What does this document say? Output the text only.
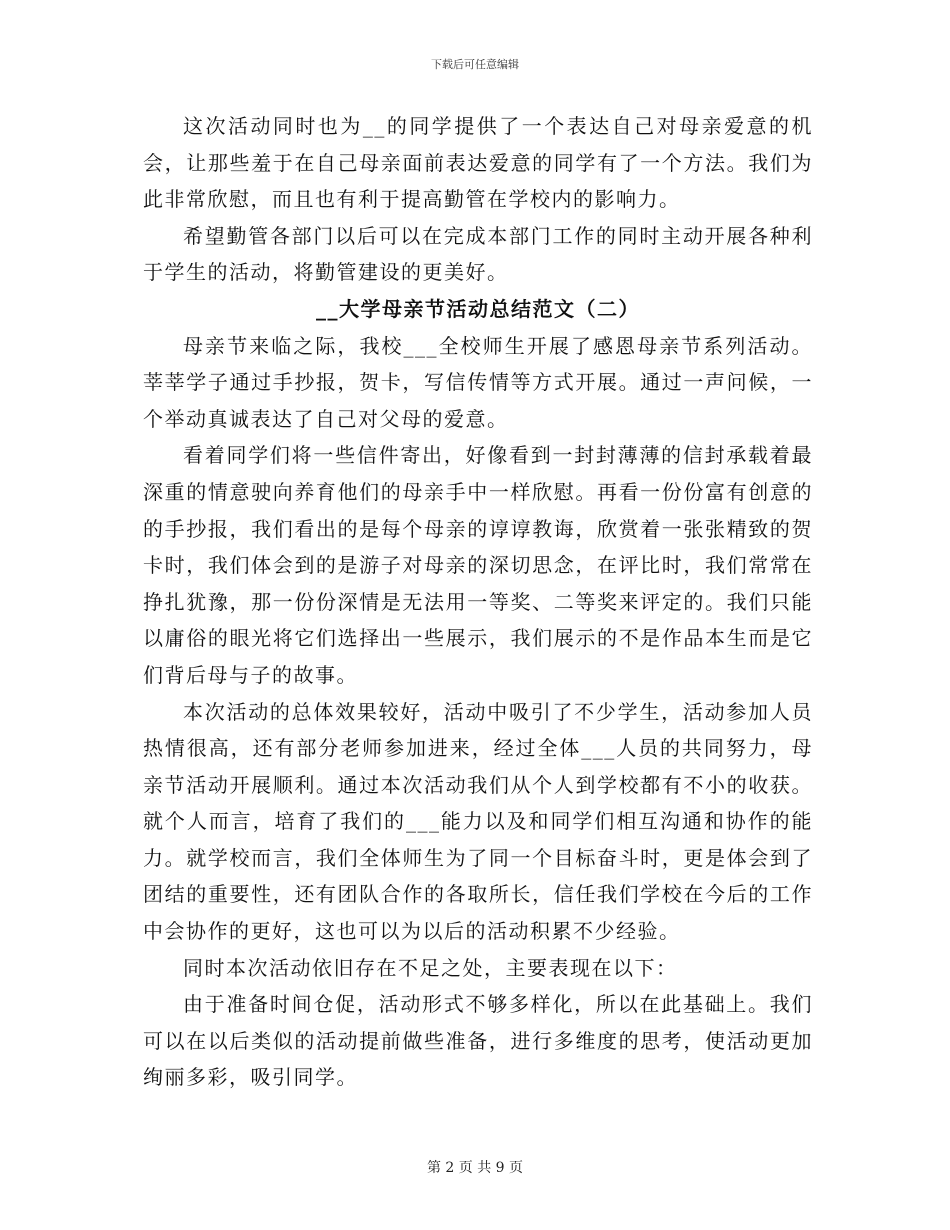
下载后可任意编辑

这次活动同时也为__的同学提供了一个表达自己对母亲爱意的机会，让那些羞于在自己母亲面前表达爱意的同学有了一个方法。我们为此非常欣慰，而且也有利于提高勤管在学校内的影响力。

希望勤管各部门以后可以在完成本部门工作的同时主动开展各种利于学生的活动，将勤管建设的更美好。

__大学母亲节活动总结范文（二）

母亲节来临之际，我校___全校师生开展了感恩母亲节系列活动。莘莘学子通过手抄报，贺卡，写信传情等方式开展。通过一声问候，一个举动真诚表达了自己对父母的爱意。

看着同学们将一些信件寄出，好像看到一封封薄薄的信封承载着最深重的情意驶向养育他们的母亲手中一样欣慰。再看一份份富有创意的的手抄报，我们看出的是每个母亲的谆谆教诲，欣赏着一张张精致的贺卡时，我们体会到的是游子对母亲的深切思念，在评比时，我们常常在挣扎犹豫，那一份份深情是无法用一等奖、二等奖来评定的。我们只能以庸俗的眼光将它们选择出一些展示，我们展示的不是作品本生而是它们背后母与子的故事。

本次活动的总体效果较好，活动中吸引了不少学生，活动参加人员热情很高，还有部分老师参加进来，经过全体___人员的共同努力，母亲节活动开展顺利。通过本次活动我们从个人到学校都有不小的收获。就个人而言，培育了我们的___能力以及和同学们相互沟通和协作的能力。就学校而言，我们全体师生为了同一个目标奋斗时，更是体会到了团结的重要性，还有团队合作的各取所长，信任我们学校在今后的工作中会协作的更好，这也可以为以后的活动积累不少经验。

同时本次活动依旧存在不足之处，主要表现在以下：

由于准备时间仓促，活动形式不够多样化，所以在此基础上。我们可以在以后类似的活动提前做些准备，进行多维度的思考，使活动更加绚丽多彩，吸引同学。

第 2 页 共 9 页
